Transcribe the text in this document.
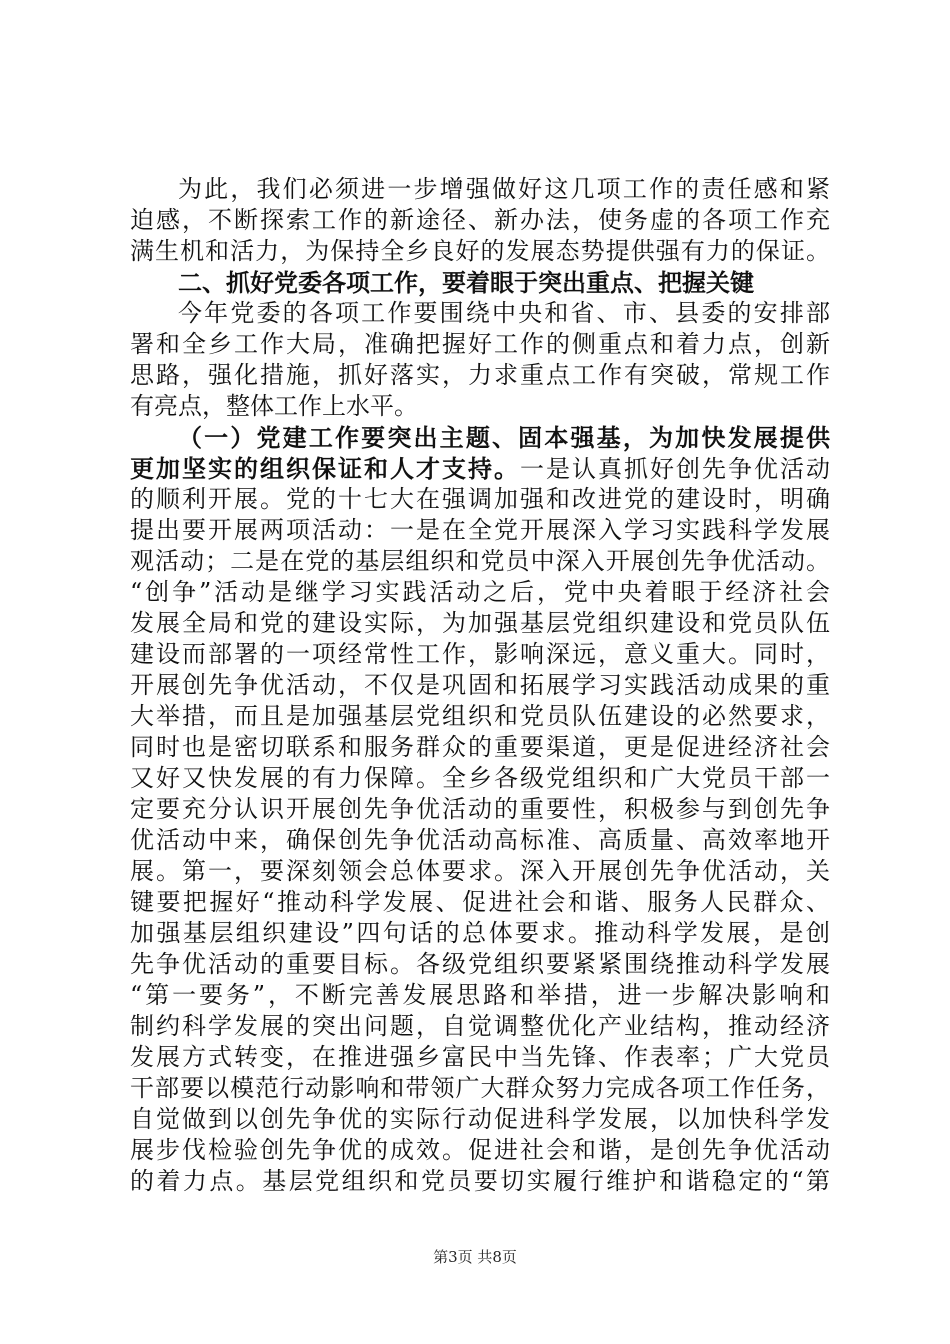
为此，我们必须进一步增强做好这几项工作的责任感和紧
迫感，不断探索工作的新途径、新办法，使务虚的各项工作充
满生机和活力，为保持全乡良好的发展态势提供强有力的保证。
二、抓好党委各项工作，要着眼于突出重点、把握关键
今年党委的各项工作要围绕中央和省、市、县委的安排部
署和全乡工作大局，准确把握好工作的侧重点和着力点，创新
思路，强化措施，抓好落实，力求重点工作有突破，常规工作
有亮点，整体工作上水平。
（一）党建工作要突出主题、固本强基，为加快发展提供
更加坚实的组织保证和人才支持。一是认真抓好创先争优活动
的顺利开展。党的十七大在强调加强和改进党的建设时，明确
提出要开展两项活动：一是在全党开展深入学习实践科学发展
观活动；二是在党的基层组织和党员中深入开展创先争优活动。
“创争”活动是继学习实践活动之后，党中央着眼于经济社会
发展全局和党的建设实际，为加强基层党组织建设和党员队伍
建设而部署的一项经常性工作，影响深远，意义重大。同时，
开展创先争优活动，不仅是巩固和拓展学习实践活动成果的重
大举措，而且是加强基层党组织和党员队伍建设的必然要求，
同时也是密切联系和服务群众的重要渠道，更是促进经济社会
又好又快发展的有力保障。全乡各级党组织和广大党员干部一
定要充分认识开展创先争优活动的重要性，积极参与到创先争
优活动中来，确保创先争优活动高标准、高质量、高效率地开
展。第一，要深刻领会总体要求。深入开展创先争优活动，关
键要把握好“推动科学发展、促进社会和谐、服务人民群众、
加强基层组织建设”四句话的总体要求。推动科学发展，是创
先争优活动的重要目标。各级党组织要紧紧围绕推动科学发展
“第一要务”，不断完善发展思路和举措，进一步解决影响和
制约科学发展的突出问题，自觉调整优化产业结构，推动经济
发展方式转变，在推进强乡富民中当先锋、作表率；广大党员
干部要以模范行动影响和带领广大群众努力完成各项工作任务，
自觉做到以创先争优的实际行动促进科学发展，以加快科学发
展步伐检验创先争优的成效。促进社会和谐，是创先争优活动
的着力点。基层党组织和党员要切实履行维护和谐稳定的“第
第3页 共8页
